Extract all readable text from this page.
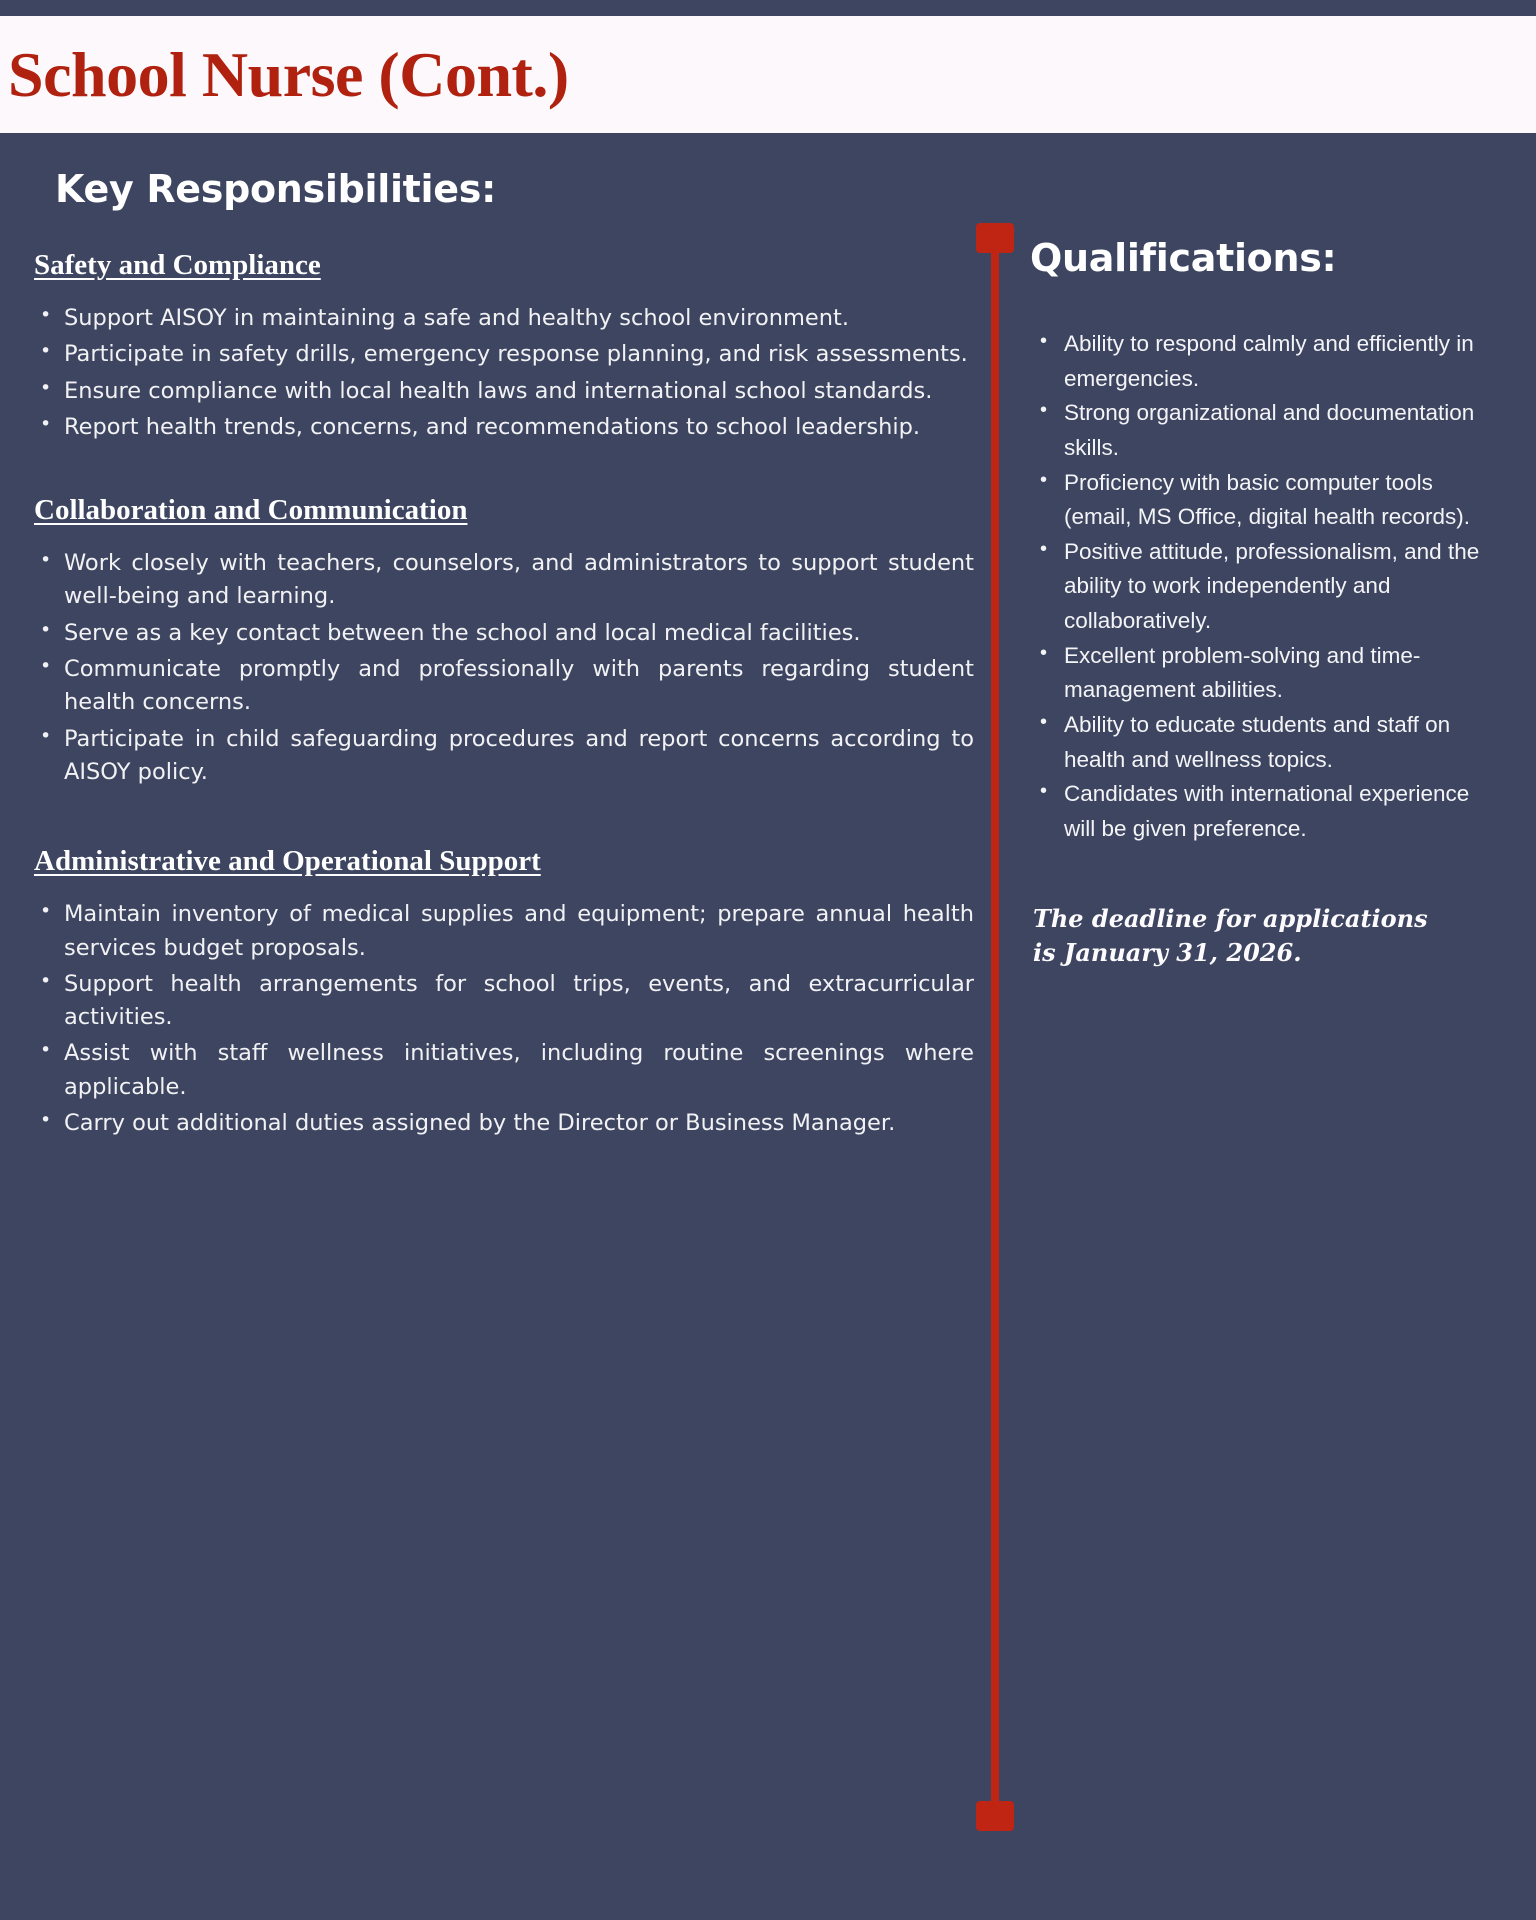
School Nurse (Cont.)
Key Responsibilities:
Safety and Compliance
• Support AISOY in maintaining a safe and healthy school environment.
• Participate in safety drills, emergency response planning, and risk assessments.
• Ensure compliance with local health laws and international school standards.
• Report health trends, concerns, and recommendations to school leadership.
Collaboration and Communication
• Work closely with teachers, counselors, and administrators to support student well-being and learning.
• Serve as a key contact between the school and local medical facilities.
• Communicate promptly and professionally with parents regarding student health concerns.
• Participate in child safeguarding procedures and report concerns according to AISOY policy.
Administrative and Operational Support
• Maintain inventory of medical supplies and equipment; prepare annual health services budget proposals.
• Support health arrangements for school trips, events, and extracurricular activities.
• Assist with staff wellness initiatives, including routine screenings where applicable.
• Carry out additional duties assigned by the Director or Business Manager.
Qualifications:
• Ability to respond calmly and efficiently in emergencies.
• Strong organizational and documentation skills.
• Proficiency with basic computer tools (email, MS Office, digital health records).
• Positive attitude, professionalism, and the ability to work independently and collaboratively.
• Excellent problem-solving and time-management abilities.
• Ability to educate students and staff on health and wellness topics.
• Candidates with international experience will be given preference.
The deadline for applications is January 31, 2026.
